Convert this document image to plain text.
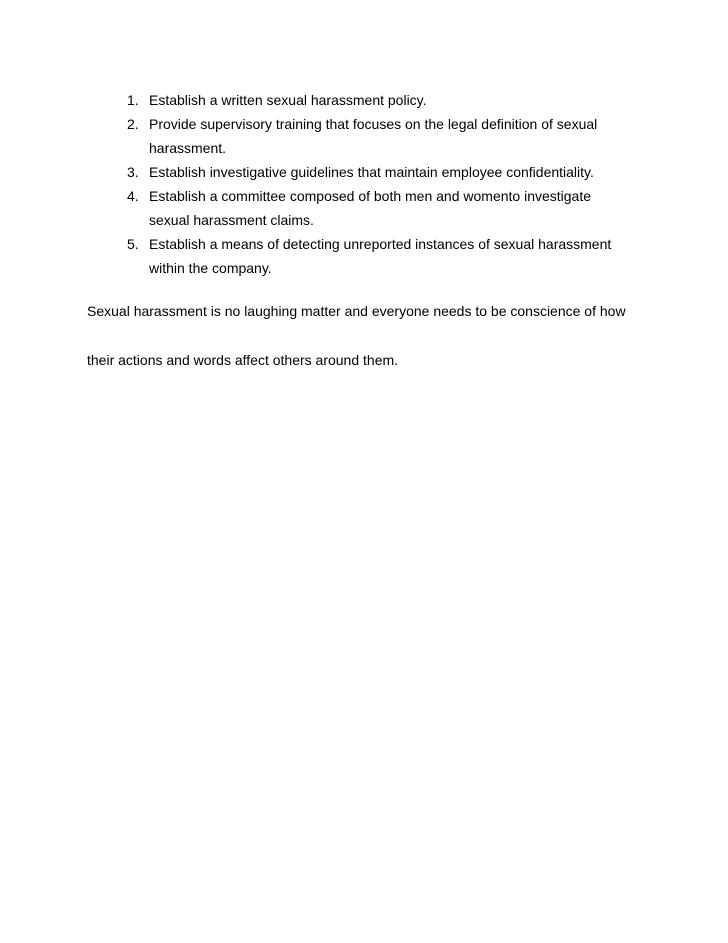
1. Establish a written sexual harassment policy.
2. Provide supervisory training that focuses on the legal definition of sexual
harassment.
3. Establish investigative guidelines that maintain employee confidentiality.
4. Establish a committee composed of both men and womento investigate
sexual harassment claims.
5. Establish a means of detecting unreported instances of sexual harassment
within the company.
Sexual harassment is no laughing matter and everyone needs to be conscience of how
their actions and words affect others around them.
